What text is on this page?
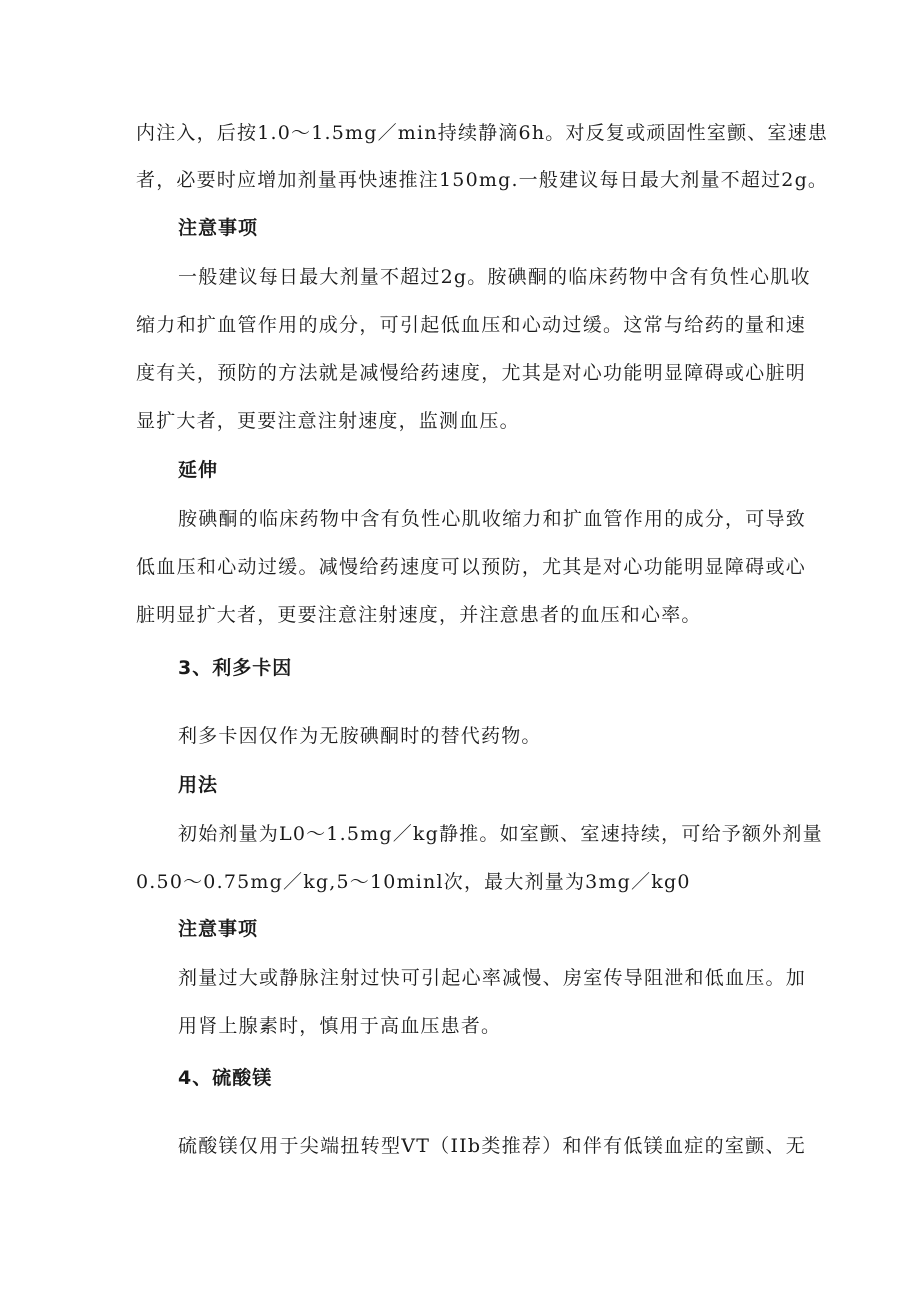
内注入，后按1.0～1.5mg／min持续静滴6h。对反复或顽固性室颤、室速患
者，必要时应增加剂量再快速推注150mg.一般建议每日最大剂量不超过2g。
注意事项
一般建议每日最大剂量不超过2g。胺碘酮的临床药物中含有负性心肌收
缩力和扩血管作用的成分，可引起低血压和心动过缓。这常与给药的量和速
度有关，预防的方法就是减慢给药速度，尤其是对心功能明显障碍或心脏明
显扩大者，更要注意注射速度，监测血压。
延伸
胺碘酮的临床药物中含有负性心肌收缩力和扩血管作用的成分，可导致
低血压和心动过缓。减慢给药速度可以预防，尤其是对心功能明显障碍或心
脏明显扩大者，更要注意注射速度，并注意患者的血压和心率。
3、利多卡因
利多卡因仅作为无胺碘酮时的替代药物。
用法
初始剂量为L0～1.5mg／kg静推。如室颤、室速持续，可给予额外剂量
0.50～0.75mg／kg,5～10minl次，最大剂量为3mg／kg0
注意事项
剂量过大或静脉注射过快可引起心率减慢、房室传导阻泄和低血压。加
用肾上腺素时，慎用于高血压患者。
4、硫酸镁
硫酸镁仅用于尖端扭转型VT（IIb类推荐）和伴有低镁血症的室颤、无
